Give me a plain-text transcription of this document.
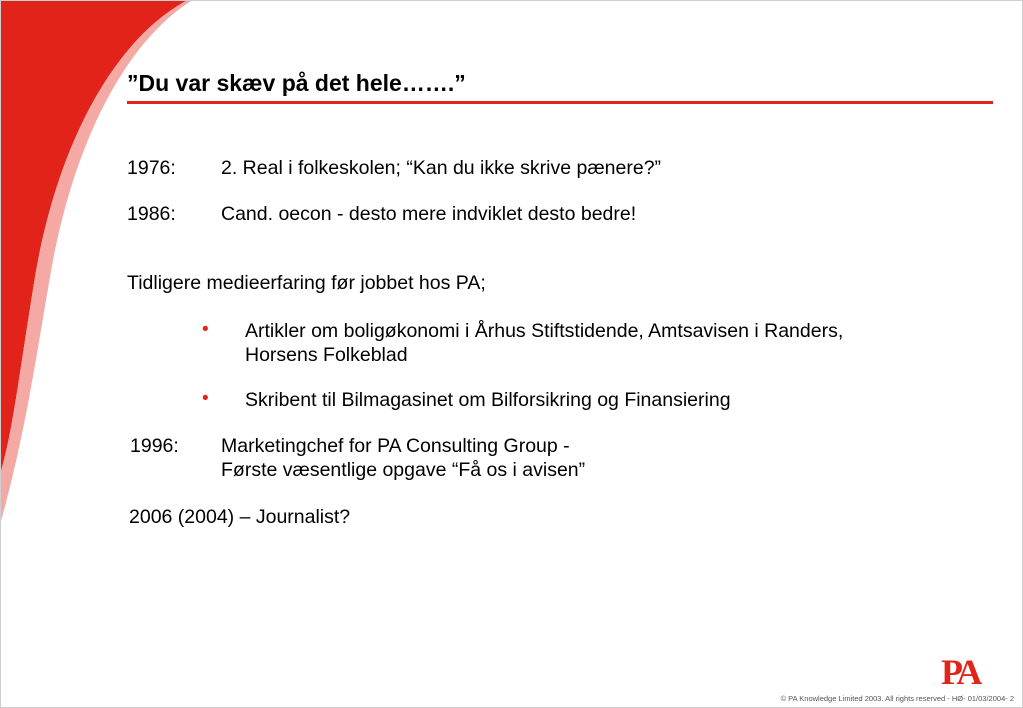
”Du var skæv på det hele…….”
1976: 2. Real i folkeskolen; “Kan du ikke skrive pænere?”
1986: Cand. oecon - desto mere indviklet desto bedre!
Tidligere medieerfaring før jobbet hos PA;
• Artikler om boligøkonomi i Århus Stiftstidende, Amtsavisen i Randers,
Horsens Folkeblad
• Skribent til Bilmagasinet om Bilforsikring og Finansiering
1996: Marketingchef for PA Consulting Group -
Første væsentlige opgave “Få os i avisen”
2006 (2004) – Journalist?
PA
© PA Knowledge Limited 2003. All rights reserved - HØ- 01/03/2004- 2
